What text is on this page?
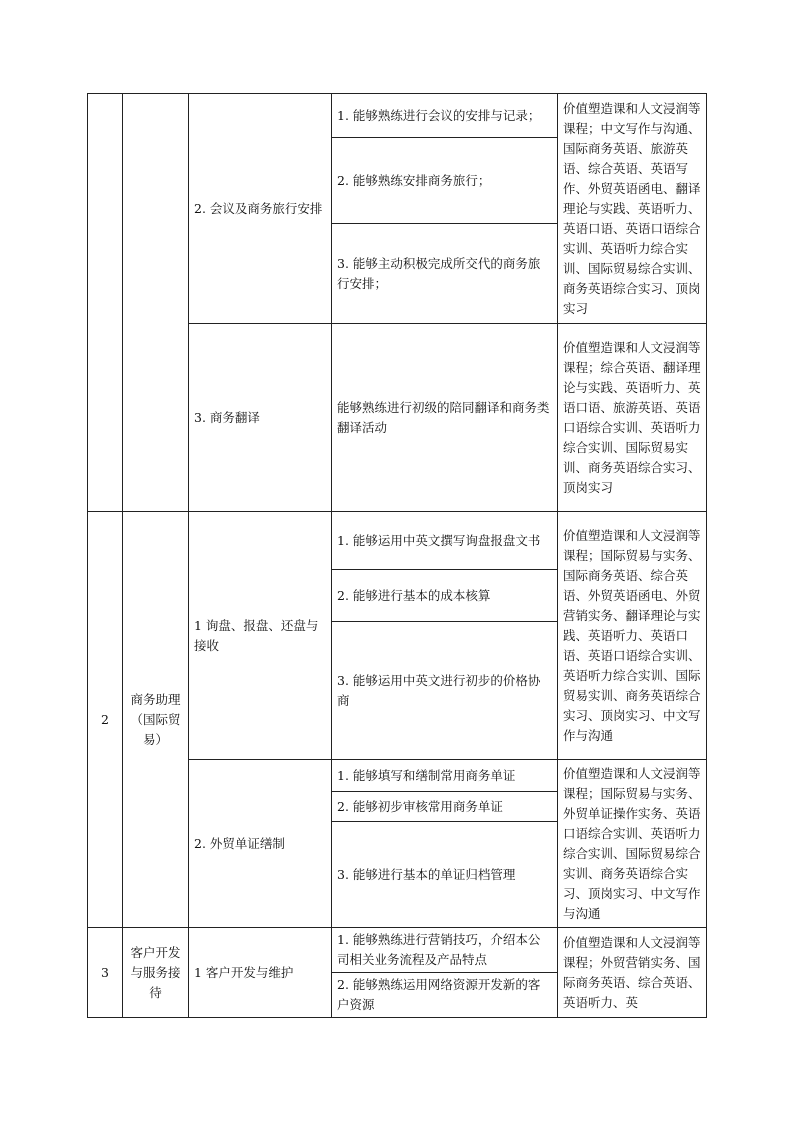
		2. 会议及商务旅行安排	1. 能够熟练进行会议的安排与记录；	价值塑造课和人文浸润等课程；中文写作与沟通、国际商务英语、旅游英语、综合英语、英语写作、外贸英语函电、翻译理论与实践、英语听力、英语口语、英语口语综合实训、英语听力综合实训、国际贸易综合实训、商务英语综合实习、顶岗实习

			2. 能够熟练安排商务旅行；	

			3. 能够主动积极完成所交代的商务旅行安排；	

		3. 商务翻译	能够熟练进行初级的陪同翻译和商务类翻译活动	价值塑造课和人文浸润等课程；综合英语、翻译理论与实践、英语听力、英语口语、旅游英语、英语口语综合实训、英语听力综合实训、国际贸易实训、商务英语综合实习、顶岗实习

2	商务助理（国际贸易）	1 询盘、报盘、还盘与接收	1. 能够运用中英文撰写询盘报盘文书	价值塑造课和人文浸润等课程；国际贸易与实务、国际商务英语、综合英语、外贸英语函电、外贸营销实务、翻译理论与实践、英语听力、英语口语、英语口语综合实训、英语听力综合实训、国际贸易实训、商务英语综合实习、顶岗实习、中文写作与沟通

			2. 能够进行基本的成本核算	

			3. 能够运用中英文进行初步的价格协商	

		2. 外贸单证缮制	1. 能够填写和缮制常用商务单证	价值塑造课和人文浸润等课程；国际贸易与实务、外贸单证操作实务、英语口语综合实训、英语听力综合实训、国际贸易综合实训、商务英语综合实习、顶岗实习、中文写作与沟通

			2. 能够初步审核常用商务单证	

			3. 能够进行基本的单证归档管理	

3	客户开发与服务接待	1 客户开发与维护	1. 能够熟练进行营销技巧，介绍本公司相关业务流程及产品特点	价值塑造课和人文浸润等课程；外贸营销实务、国际商务英语、综合英语、英语听力、英

			2. 能够熟练运用网络资源开发新的客户资源	
